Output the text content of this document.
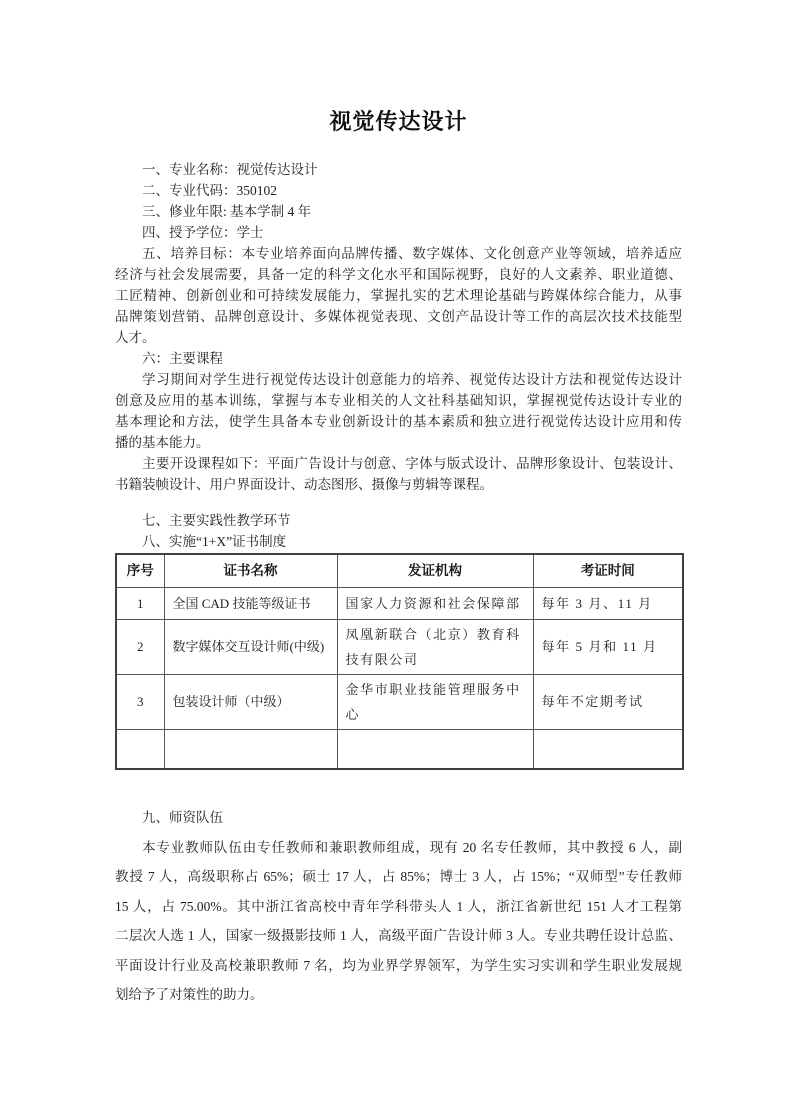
视觉传达设计
一、专业名称：视觉传达设计
二、专业代码：350102
三、修业年限: 基本学制 4 年
四、授予学位：学士
五、培养目标：本专业培养面向品牌传播、数字媒体、文化创意产业等领域，培养适应
经济与社会发展需要，具备一定的科学文化水平和国际视野，良好的人文素养、职业道德、
工匠精神、创新创业和可持续发展能力，掌握扎实的艺术理论基础与跨媒体综合能力，从事
品牌策划营销、品牌创意设计、多媒体视觉表现、文创产品设计等工作的高层次技术技能型
人才。
六：主要课程
学习期间对学生进行视觉传达设计创意能力的培养、视觉传达设计方法和视觉传达设计
创意及应用的基本训练，掌握与本专业相关的人文社科基础知识，掌握视觉传达设计专业的
基本理论和方法，使学生具备本专业创新设计的基本素质和独立进行视觉传达设计应用和传
播的基本能力。
主要开设课程如下：平面广告设计与创意、字体与版式设计、品牌形象设计、包装设计、
书籍装帧设计、用户界面设计、动态图形、摄像与剪辑等课程。
七、主要实践性教学环节
八、实施“1+X”证书制度
序号	证书名称	发证机构	考证时间
1	全国 CAD 技能等级证书	国家人力资源和社会保障部	每年 3 月、11 月
2	数字媒体交互设计师(中级)	凤凰新联合（北京）教育科技有限公司	每年 5 月和 11 月
3	包装设计师（中级）	金华市职业技能管理服务中心	每年不定期考试

九、师资队伍
本专业教师队伍由专任教师和兼职教师组成，现有 20 名专任教师，其中教授 6 人，副
教授 7 人，高级职称占 65%；硕士 17 人，占 85%；博士 3 人，占 15%；“双师型”专任教师
15 人，占 75.00%。其中浙江省高校中青年学科带头人 1 人，浙江省新世纪 151 人才工程第
二层次人选 1 人，国家一级摄影技师 1 人，高级平面广告设计师 3 人。专业共聘任设计总监、
平面设计行业及高校兼职教师 7 名，均为业界学界领军，为学生实习实训和学生职业发展规
划给予了对策性的助力。
